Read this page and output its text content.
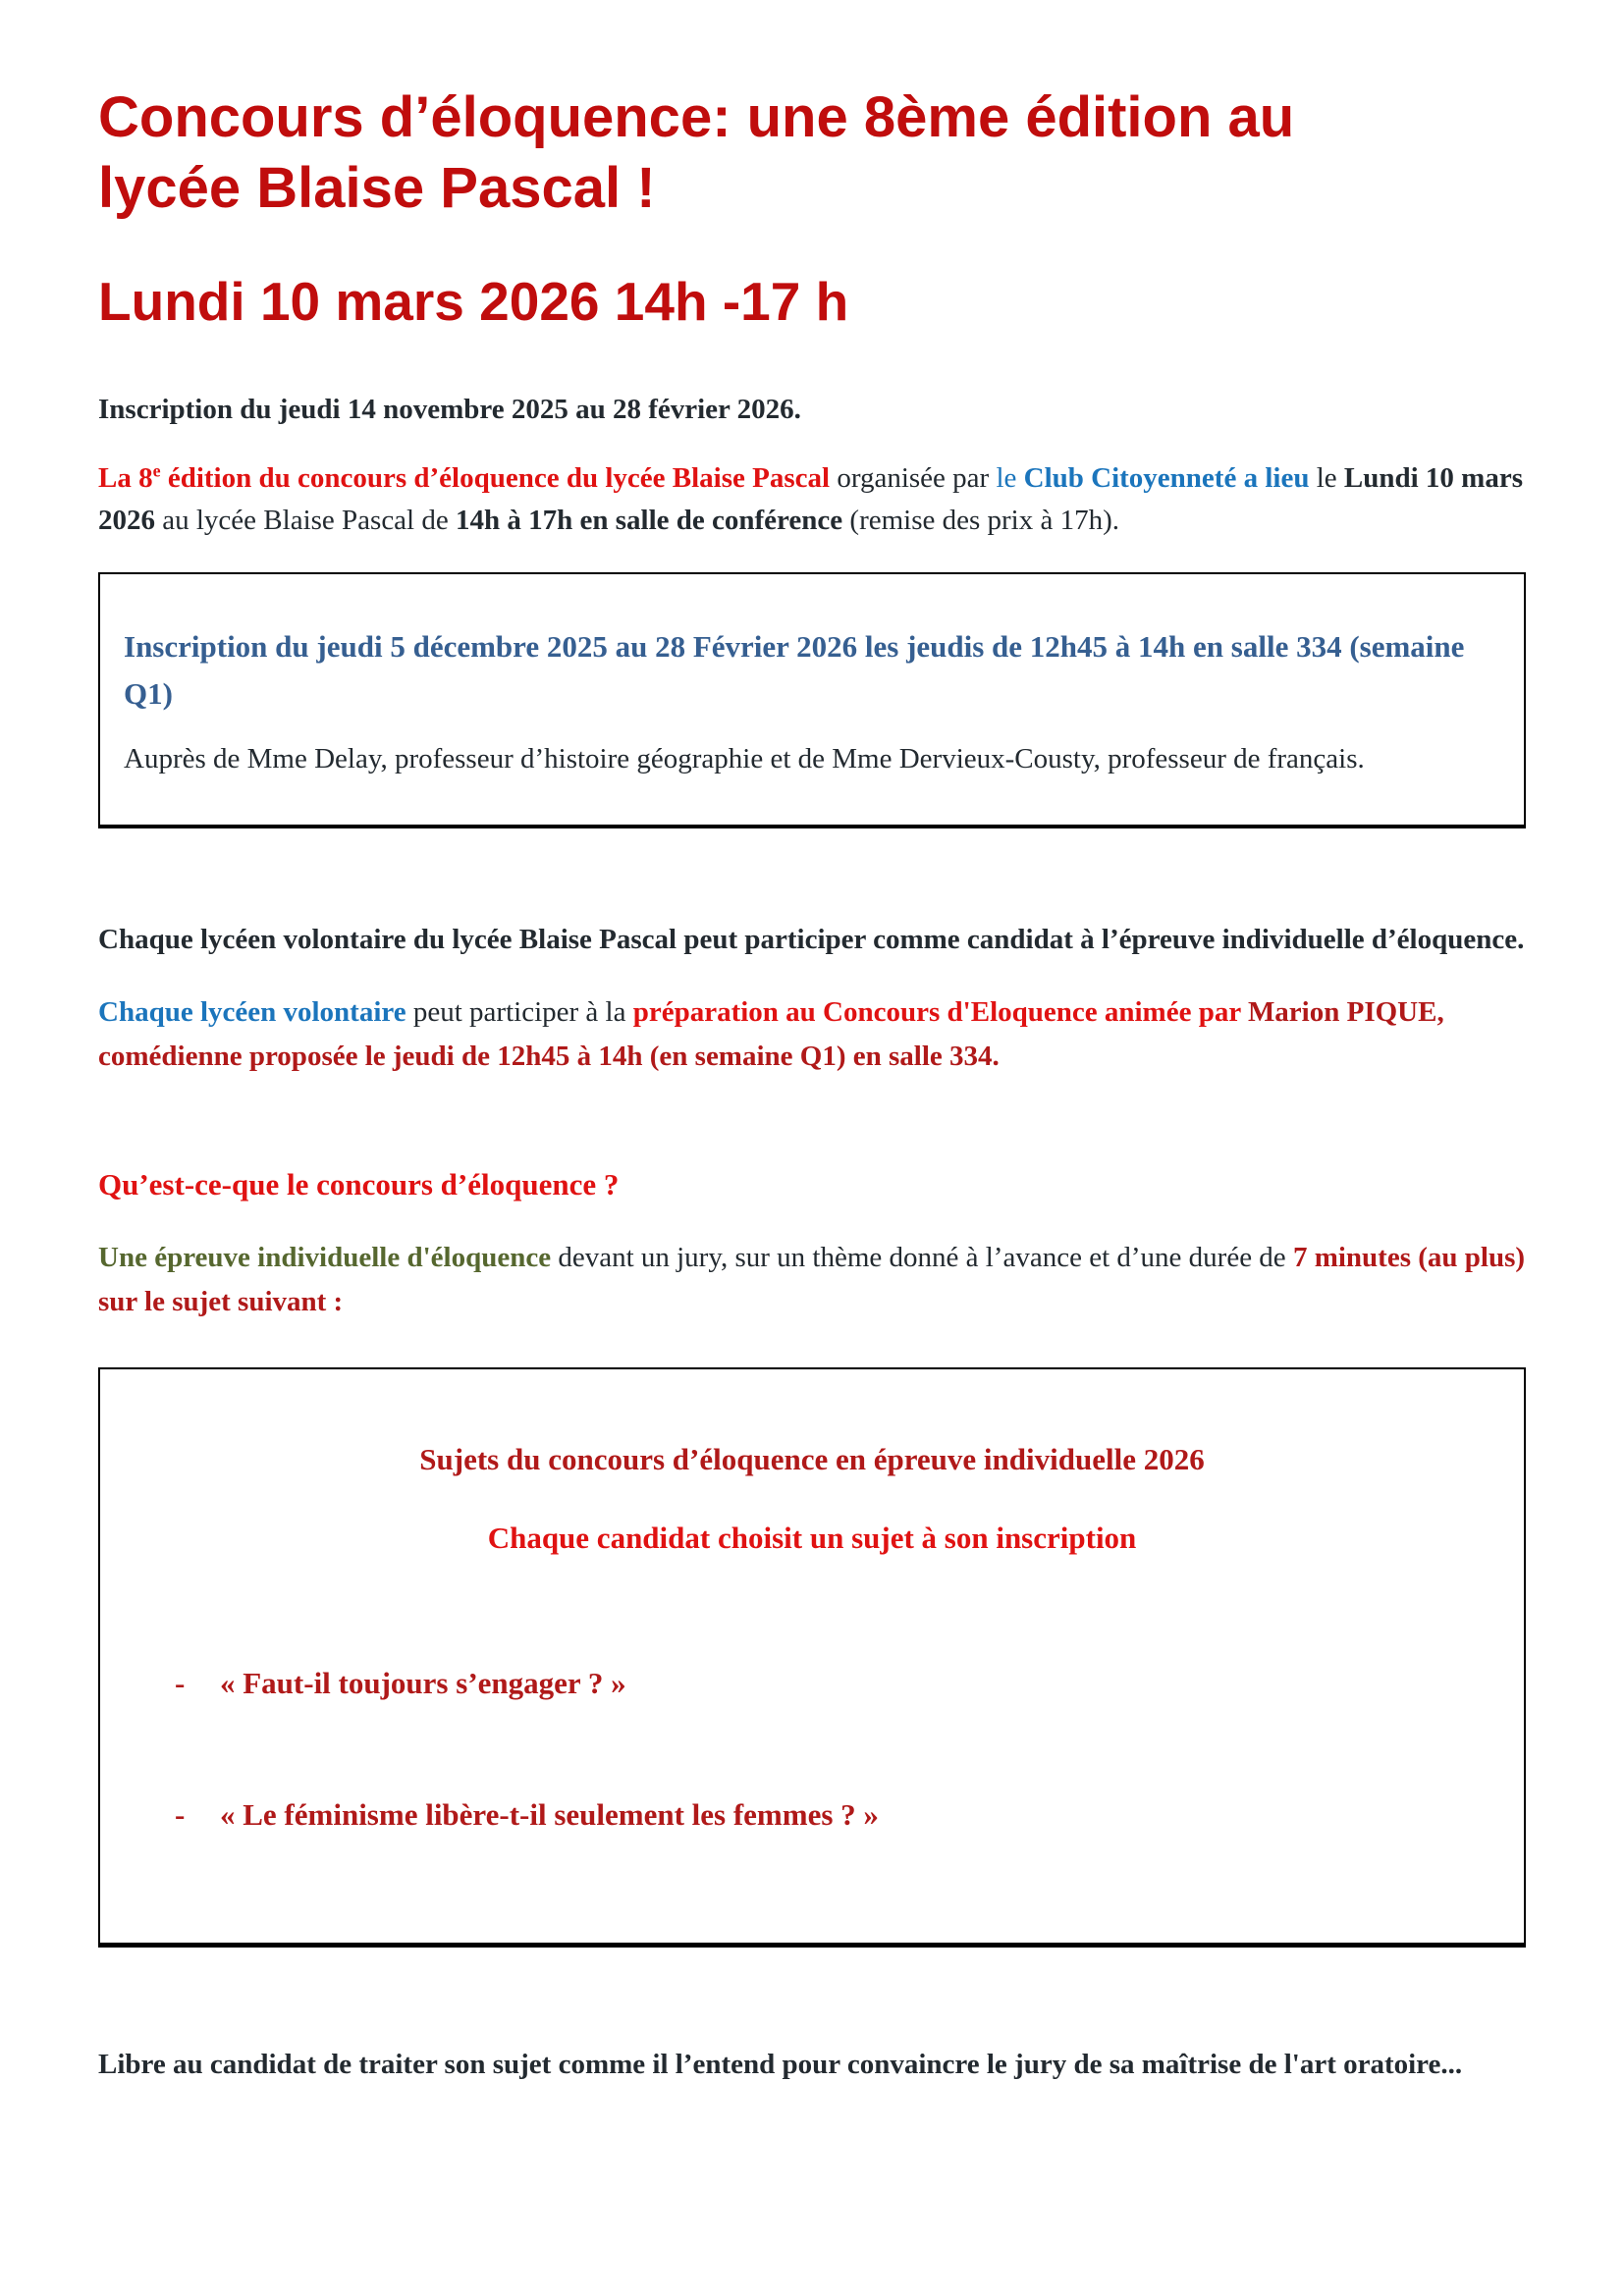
Concours d’éloquence: une 8ème édition au
lycée Blaise Pascal !
Lundi 10 mars 2026 14h -17 h

Inscription du jeudi 14 novembre 2025 au 28 février 2026.

La 8e édition du concours d’éloquence du lycée Blaise Pascal organisée par le Club Citoyenneté a lieu le Lundi 10 mars 2026 au lycée Blaise Pascal de 14h à 17h en salle de conférence (remise des prix à 17h).

Inscription du jeudi 5 décembre 2025 au 28 Février 2026 les jeudis de 12h45 à 14h en salle 334 (semaine Q1)
Auprès de Mme Delay, professeur d’histoire géographie et de Mme Dervieux-Cousty, professeur de français.

Chaque lycéen volontaire du lycée Blaise Pascal peut participer comme candidat à l’épreuve individuelle d’éloquence.

Chaque lycéen volontaire peut participer à la préparation au Concours d'Eloquence animée par Marion PIQUE, comédienne proposée le jeudi de 12h45 à 14h (en semaine Q1) en salle 334.

Qu’est-ce-que le concours d’éloquence ?

Une épreuve individuelle d'éloquence devant un jury, sur un thème donné à l’avance et d’une durée de 7 minutes (au plus) sur le sujet suivant :

Sujets du concours d’éloquence en épreuve individuelle 2026
Chaque candidat choisit un sujet à son inscription
-	« Faut-il toujours s’engager ? »
-	« Le féminisme libère-t-il seulement les femmes ? »

Libre au candidat de traiter son sujet comme il l’entend pour convaincre le jury de sa maîtrise de l'art oratoire...
